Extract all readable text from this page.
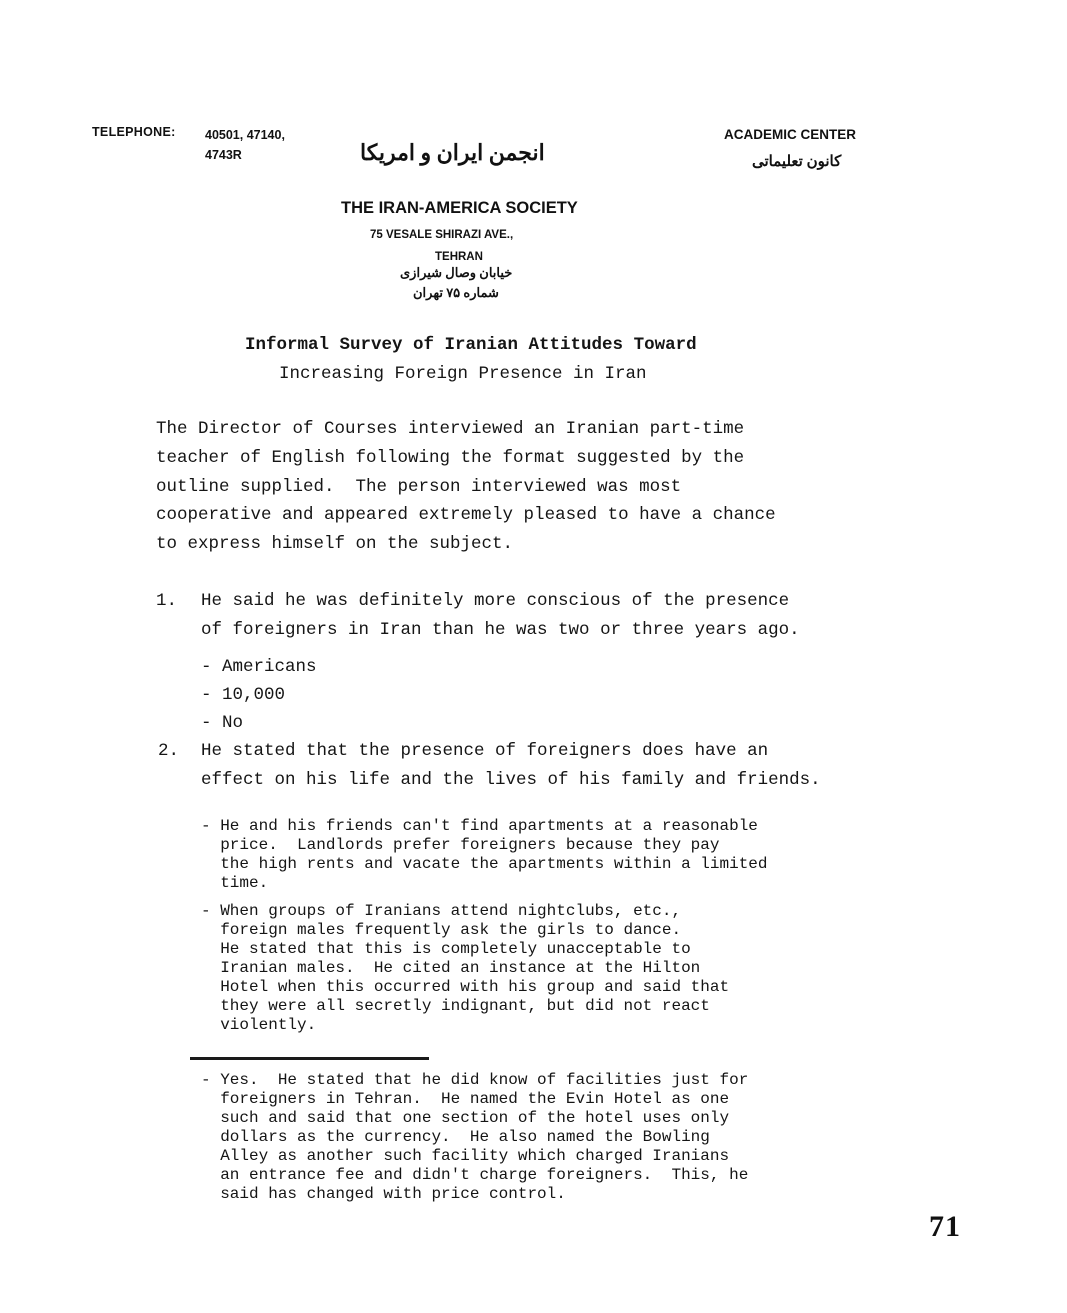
TELEPHONE: 40501, 47140,
4743R	انجمن ایران و امریکا
ACADEMIC CENTER
کانون تعلیماتی
THE IRAN-AMERICA SOCIETY
75 VESALE SHIRAZI AVE.,
TEHRAN
خیابان وصال شیرازی
شماره ۷۵ تهران
Informal Survey of Iranian Attitudes Toward
Increasing Foreign Presence in Iran
The Director of Courses interviewed an Iranian part-time
teacher of English following the format suggested by the
outline supplied.  The person interviewed was most
cooperative and appeared extremely pleased to have a chance
to express himself on the subject.
1. He said he was definitely more conscious of the presence
of foreigners in Iran than he was two or three years ago.
- Americans
- 10,000
- No
2. He stated that the presence of foreigners does have an
effect on his life and the lives of his family and friends.
- He and his friends can't find apartments at a reasonable
price.  Landlords prefer foreigners because they pay
the high rents and vacate the apartments within a limited
time.
- When groups of Iranians attend nightclubs, etc.,
foreign males frequently ask the girls to dance.
He stated that this is completely unacceptable to
Iranian males.  He cited an instance at the Hilton
Hotel when this occurred with his group and said that
they were all secretly indignant, but did not react
violently.
- Yes.  He stated that he did know of facilities just for
foreigners in Tehran.  He named the Evin Hotel as one
such and said that one section of the hotel uses only
dollars as the currency.  He also named the Bowling
Alley as another such facility which charged Iranians
an entrance fee and didn't charge foreigners.  This, he
said has changed with price control.
71
